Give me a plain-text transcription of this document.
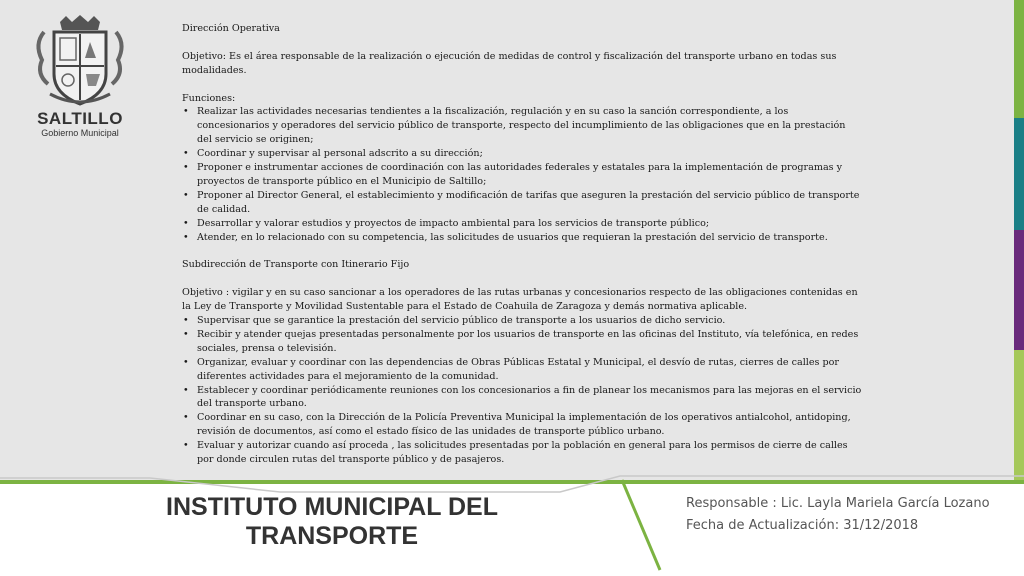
SALTILLO
Gobierno Municipal

Dirección Operativa

Objetivo: Es el área responsable de la realización o ejecución de medidas de control y fiscalización del transporte urbano en todas sus modalidades.

Funciones:

• Realizar las actividades necesarias tendientes a la fiscalización, regulación y en su caso la sanción correspondiente, a los concesionarios y operadores del servicio público de transporte, respecto del incumplimiento de las obligaciones que en la prestación del servicio se originen;
• Coordinar y supervisar al personal adscrito a su dirección;
• Proponer e instrumentar acciones de coordinación con las autoridades federales y estatales para la implementación de programas y proyectos de transporte público en el Municipio de Saltillo;
• Proponer al Director General, el establecimiento y modificación de tarifas que aseguren la prestación del servicio público de transporte de calidad.
• Desarrollar y valorar estudios y proyectos de impacto ambiental para los servicios de transporte público;
• Atender, en lo relacionado con su competencia, las solicitudes de usuarios que requieran la prestación del servicio de transporte.

Subdirección de Transporte con Itinerario Fijo

Objetivo : vigilar y en su caso sancionar a los operadores de las rutas urbanas y concesionarios respecto de las obligaciones contenidas en la Ley de Transporte y Movilidad Sustentable para el Estado de Coahuila de Zaragoza y demás normativa aplicable.

• Supervisar que se garantice la prestación del servicio público de transporte a los usuarios de dicho servicio.
• Recibir y atender quejas presentadas personalmente por los usuarios de transporte en las oficinas del Instituto, vía telefónica, en redes sociales, prensa o televisión.
• Organizar, evaluar y coordinar con las dependencias de Obras Públicas Estatal y Municipal, el desvío de rutas, cierres de calles por diferentes actividades para el mejoramiento de la comunidad.
• Establecer y coordinar periódicamente reuniones con los concesionarios a fin de planear los mecanismos para las mejoras en el servicio del transporte urbano.
• Coordinar en su caso, con la Dirección de la Policía Preventiva Municipal la implementación de los operativos antialcohol, antidoping, revisión de documentos, así como el estado físico de las unidades de transporte público urbano.
• Evaluar y autorizar cuando así proceda , las solicitudes presentadas por la población en general para los permisos de cierre de calles por donde circulen rutas del transporte público y de pasajeros.
INSTITUTO MUNICIPAL DEL
TRANSPORTE
Responsable : Lic. Layla Mariela García Lozano
Fecha de Actualización: 31/12/2018
